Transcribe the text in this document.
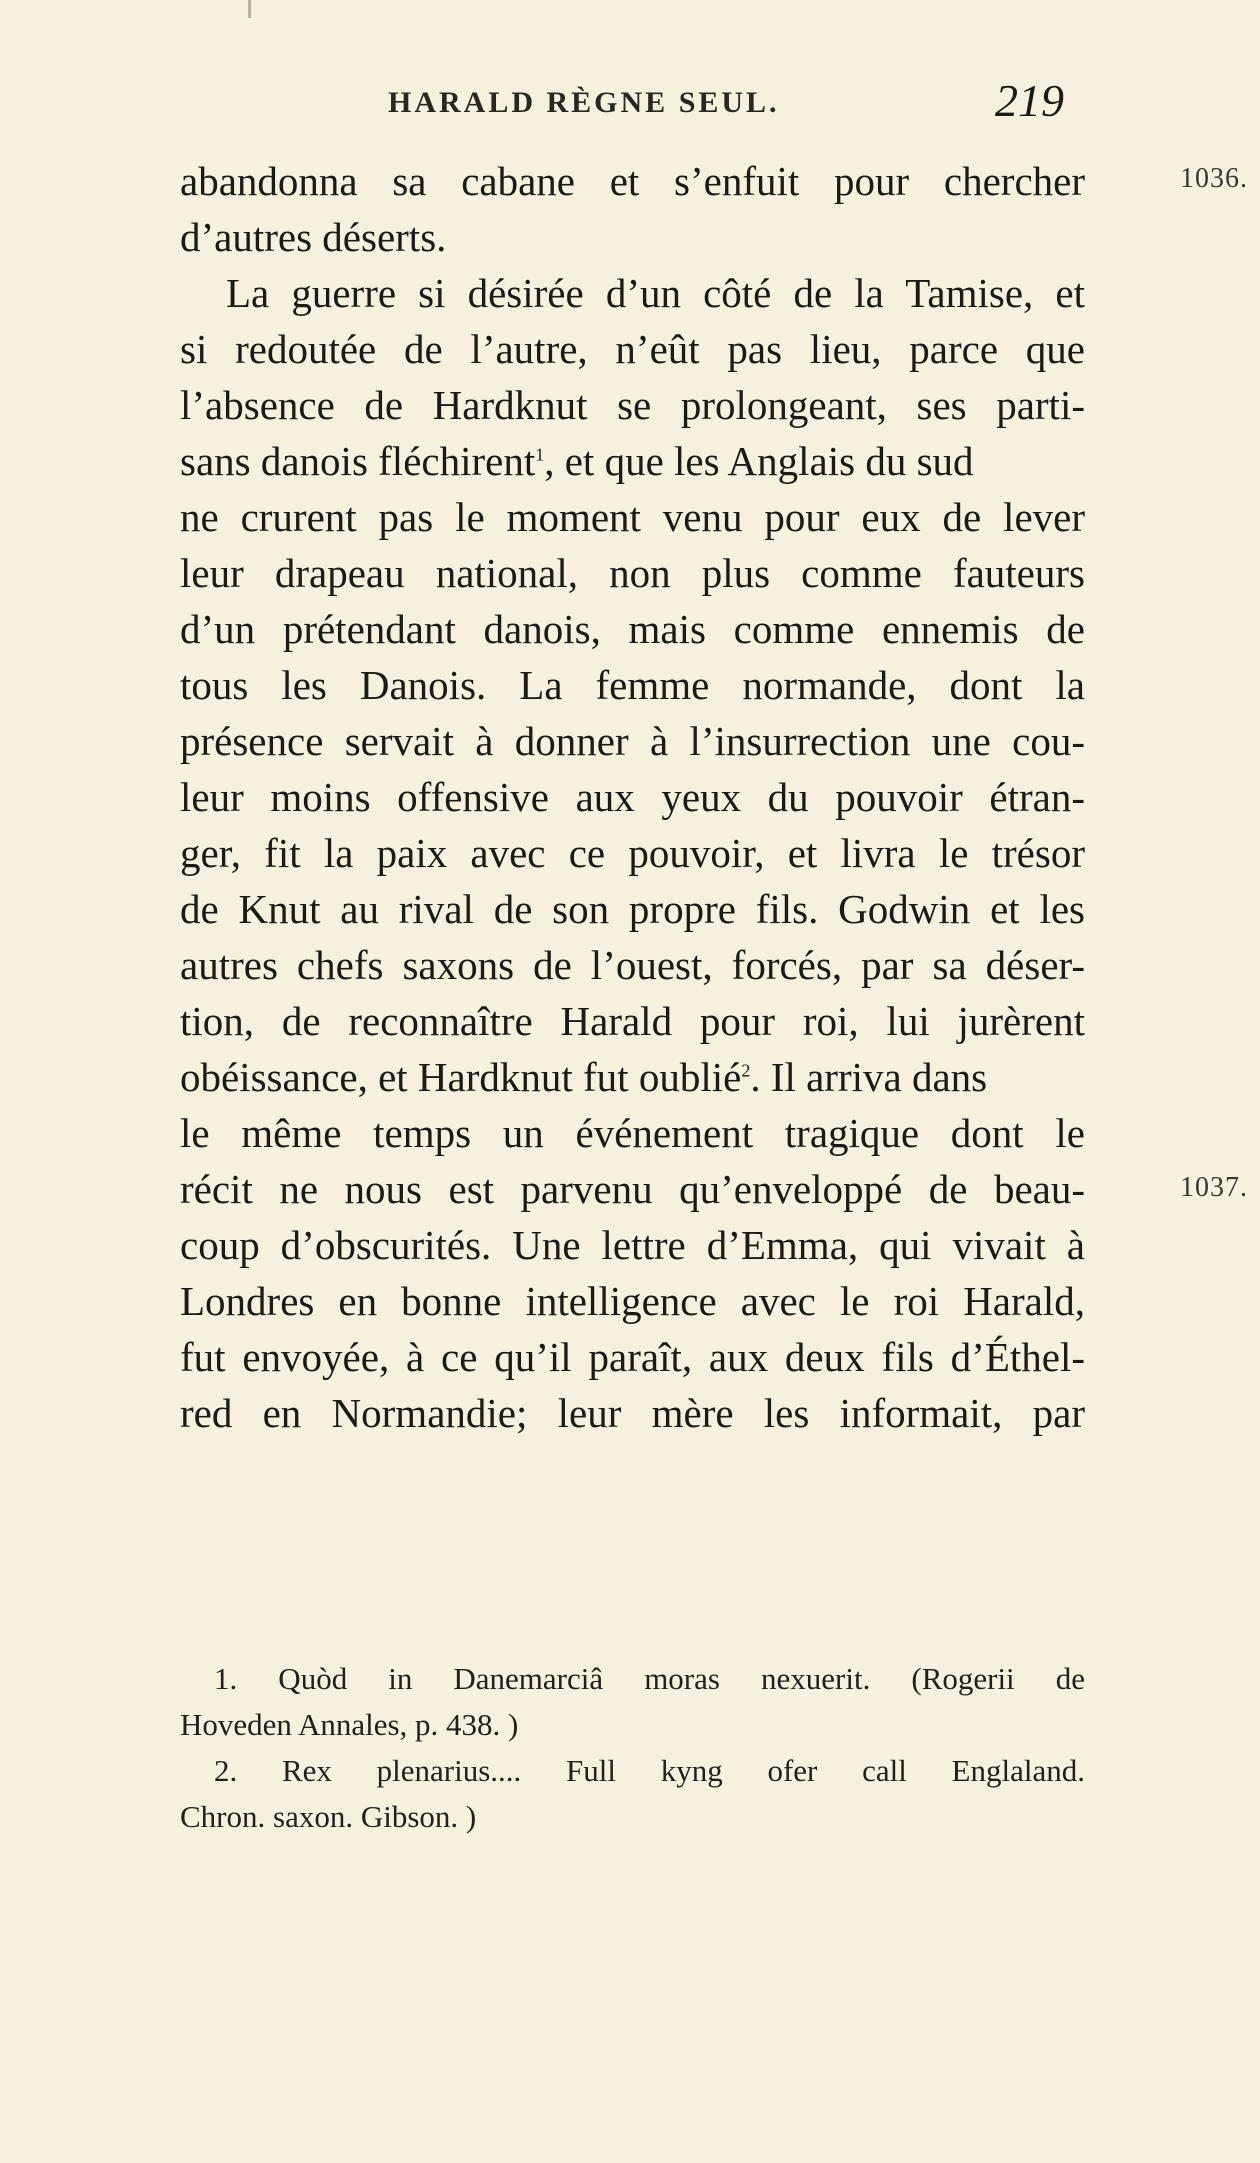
HARALD RÈGNE SEUL.	219
1036.
1037.
abandonna sa cabane et s’enfuit pour chercher
d’autres déserts.
La guerre si désirée d’un côté de la Tamise, et
si redoutée de l’autre, n’eût pas lieu, parce que
l’absence de Hardknut se prolongeant, ses parti-
sans danois fléchirent$^1$, et que les Anglais du sud
ne crurent pas le moment venu pour eux de lever
leur drapeau national, non plus comme fauteurs
d’un prétendant danois, mais comme ennemis de
tous les Danois. La femme normande, dont la
présence servait à donner à l’insurrection une cou-
leur moins offensive aux yeux du pouvoir étran-
ger, fit la paix avec ce pouvoir, et livra le trésor
de Knut au rival de son propre fils. Godwin et les
autres chefs saxons de l’ouest, forcés, par sa déser-
tion, de reconnaître Harald pour roi, lui jurèrent
obéissance, et Hardknut fut oublié$^2$. Il arriva dans
le même temps un événement tragique dont le
récit ne nous est parvenu qu’enveloppé de beau-
coup d’obscurités. Une lettre d’Emma, qui vivait à
Londres en bonne intelligence avec le roi Harald,
fut envoyée, à ce qu’il paraît, aux deux fils d’Éthel-
red en Normandie; leur mère les informait, par
1. Quòd in Danemarciâ moras nexuerit. (Rogerii de
Hoveden Annales, p. 438. )
2. Rex plenarius.... Full kyng ofer call Englaland.
Chron. saxon. Gibson. )
